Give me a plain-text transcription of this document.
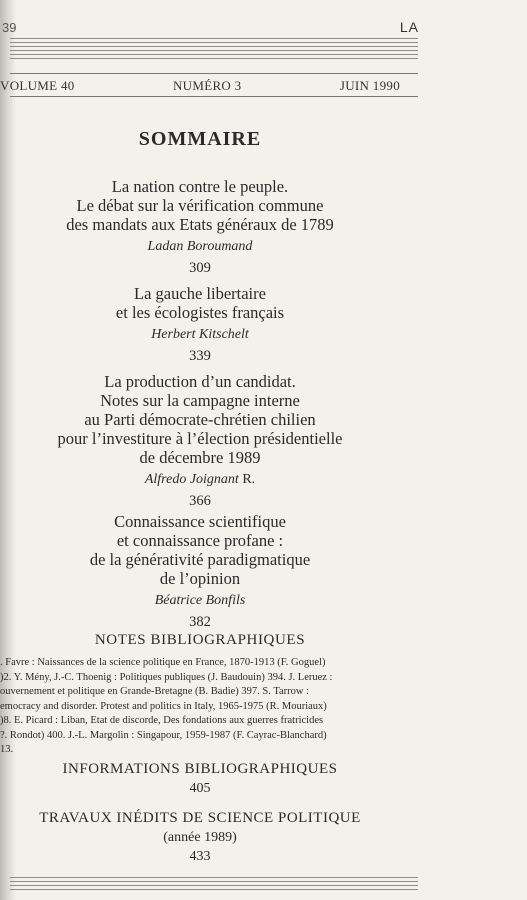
39	LA
VOLUME 40	NUMÉRO 3	JUIN 1990
SOMMAIRE
La nation contre le peuple.
Le débat sur la vérification commune
des mandats aux Etats généraux de 1789
Ladan Boroumand
309
La gauche libertaire
et les écologistes français
Herbert Kitschelt
339
La production d’un candidat.
Notes sur la campagne interne
au Parti démocrate-chrétien chilien
pour l’investiture à l’élection présidentielle
de décembre 1989
Alfredo Joignant R.
366
Connaissance scientifique
et connaissance profane :
de la générativité paradigmatique
de l’opinion
Béatrice Bonfils
382
NOTES BIBLIOGRAPHIQUES
. Favre : Naissances de la science politique en France, 1870-1913 (F. Goguel)
)2. Y. Mény, J.-C. Thoenig : Politiques publiques (J. Baudouin) 394. J. Leruez :
ouvernement et politique en Grande-Bretagne (B. Badie) 397. S. Tarrow :
emocracy and disorder. Protest and politics in Italy, 1965-1975 (R. Mouriaux)
)8. E. Picard : Liban, Etat de discorde, Des fondations aux guerres fratricides
?. Rondot) 400. J.-L. Margolin : Singapour, 1959-1987 (F. Cayrac-Blanchard)
13.
INFORMATIONS BIBLIOGRAPHIQUES
405
TRAVAUX INÉDITS DE SCIENCE POLITIQUE
(année 1989)
433
